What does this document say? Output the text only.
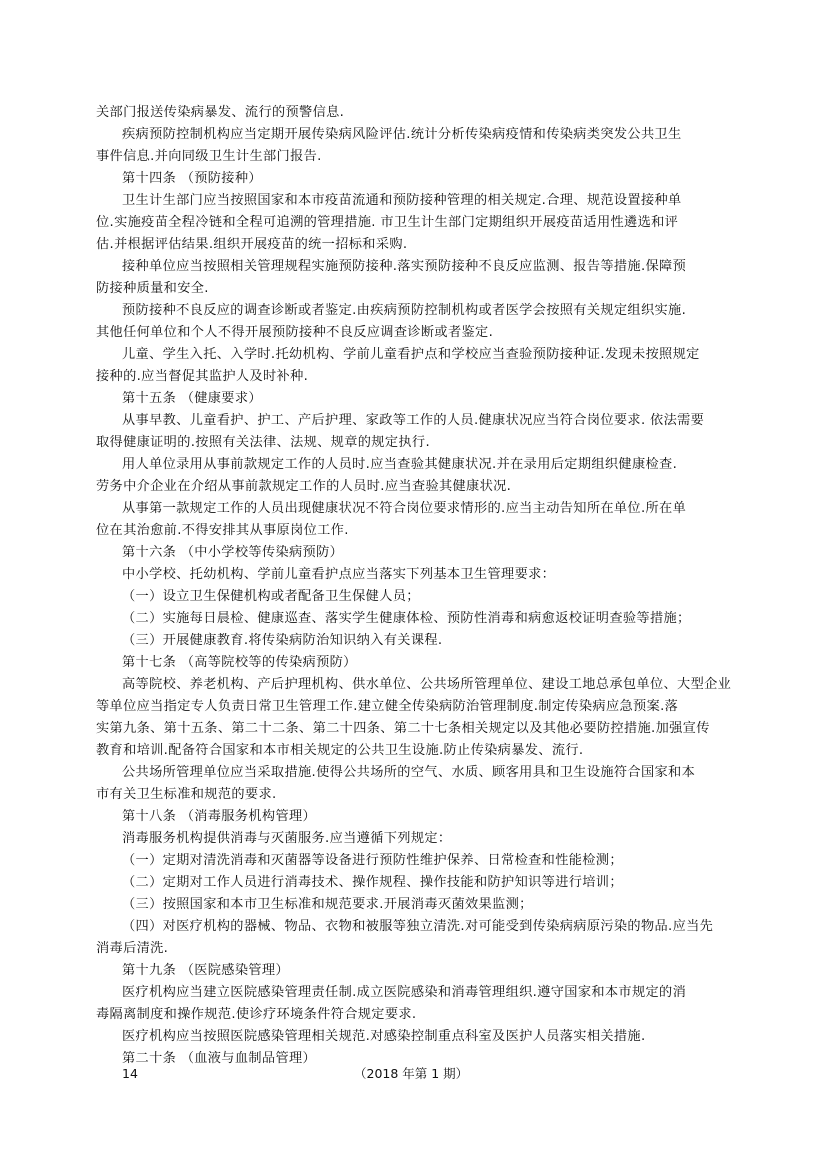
关部门报送传染病暴发、流行的预警信息.
疾病预防控制机构应当定期开展传染病风险评估.统计分析传染病疫情和传染病类突发公共卫生
事件信息.并向同级卫生计生部门报告.
第十四条 （预防接种）
卫生计生部门应当按照国家和本市疫苗流通和预防接种管理的相关规定.合理、规范设置接种单
位.实施疫苗全程冷链和全程可追溯的管理措施. 市卫生计生部门定期组织开展疫苗适用性遴选和评
估.并根据评估结果.组织开展疫苗的统一招标和采购.
接种单位应当按照相关管理规程实施预防接种.落实预防接种不良反应监测、报告等措施.保障预
防接种质量和安全.
预防接种不良反应的调查诊断或者鉴定.由疾病预防控制机构或者医学会按照有关规定组织实施.
其他任何单位和个人不得开展预防接种不良反应调查诊断或者鉴定.
儿童、学生入托、入学时.托幼机构、学前儿童看护点和学校应当查验预防接种证.发现未按照规定
接种的.应当督促其监护人及时补种.
第十五条 （健康要求）
从事早教、儿童看护、护工、产后护理、家政等工作的人员.健康状况应当符合岗位要求. 依法需要
取得健康证明的.按照有关法律、法规、规章的规定执行.
用人单位录用从事前款规定工作的人员时.应当查验其健康状况.并在录用后定期组织健康检查.
劳务中介企业在介绍从事前款规定工作的人员时.应当查验其健康状况.
从事第一款规定工作的人员出现健康状况不符合岗位要求情形的.应当主动告知所在单位.所在单
位在其治愈前.不得安排其从事原岗位工作.
第十六条 （中小学校等传染病预防）
中小学校、托幼机构、学前儿童看护点应当落实下列基本卫生管理要求：
（一）设立卫生保健机构或者配备卫生保健人员；
（二）实施每日晨检、健康巡查、落实学生健康体检、预防性消毒和病愈返校证明查验等措施；
（三）开展健康教育.将传染病防治知识纳入有关课程.
第十七条 （高等院校等的传染病预防）
高等院校、养老机构、产后护理机构、供水单位、公共场所管理单位、建设工地总承包单位、大型企业
等单位应当指定专人负责日常卫生管理工作.建立健全传染病防治管理制度.制定传染病应急预案.落
实第九条、第十五条、第二十二条、第二十四条、第二十七条相关规定以及其他必要防控措施.加强宣传
教育和培训.配备符合国家和本市相关规定的公共卫生设施.防止传染病暴发、流行.
公共场所管理单位应当采取措施.使得公共场所的空气、水质、顾客用具和卫生设施符合国家和本
市有关卫生标准和规范的要求.
第十八条 （消毒服务机构管理）
消毒服务机构提供消毒与灭菌服务.应当遵循下列规定：
（一）定期对清洗消毒和灭菌器等设备进行预防性维护保养、日常检查和性能检测；
（二）定期对工作人员进行消毒技术、操作规程、操作技能和防护知识等进行培训；
（三）按照国家和本市卫生标准和规范要求.开展消毒灭菌效果监测；
（四）对医疗机构的器械、物品、衣物和被服等独立清洗.对可能受到传染病病原污染的物品.应当先
消毒后清洗.
第十九条 （医院感染管理）
医疗机构应当建立医院感染管理责任制.成立医院感染和消毒管理组织.遵守国家和本市规定的消
毒隔离制度和操作规范.使诊疗环境条件符合规定要求.
医疗机构应当按照医院感染管理相关规范.对感染控制重点科室及医护人员落实相关措施.
第二十条 （血液与血制品管理）
14	（2018 年第 1 期）
